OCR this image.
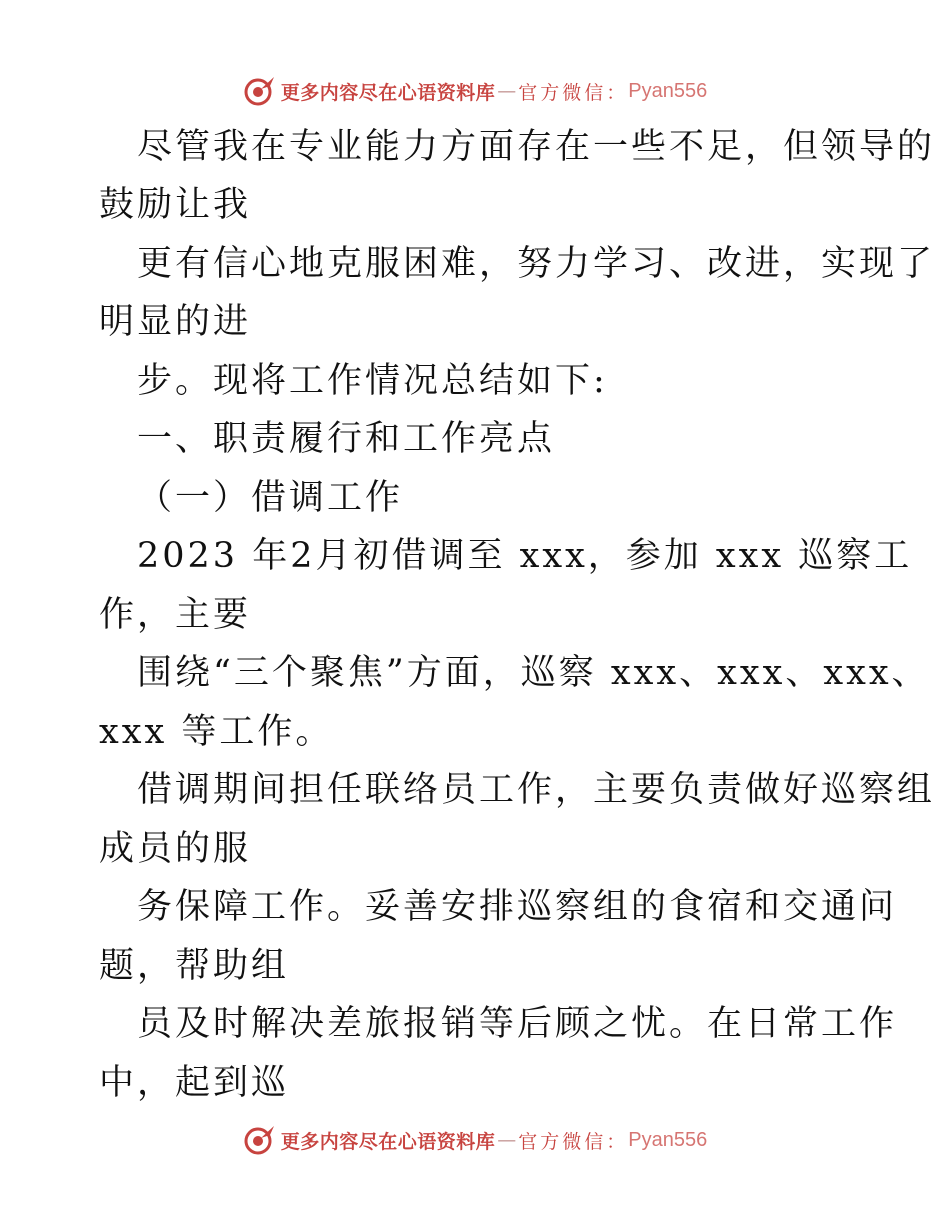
更多内容尽在心语资料库 — 官方微信： Pyan556
尽管我在专业能力方面存在一些不足，但领导的
鼓励让我
更有信心地克服困难，努力学习、改进，实现了
明显的进
步。现将工作情况总结如下:
一、职责履行和工作亮点
（一）借调工作
2023 年2月初借调至 xxx，参加 xxx 巡察工
作，主要
围绕“三个聚焦”方面，巡察 xxx、xxx、xxx、
xxx 等工作。
借调期间担任联络员工作，主要负责做好巡察组
成员的服
务保障工作。妥善安排巡察组的食宿和交通问
题，帮助组
员及时解决差旅报销等后顾之忧。在日常工作
中，起到巡
更多内容尽在心语资料库 — 官方微信： Pyan556
